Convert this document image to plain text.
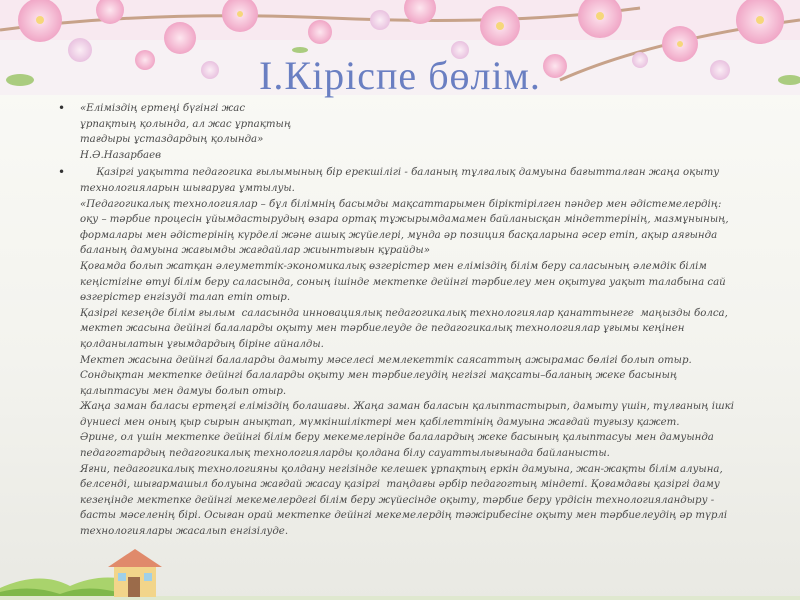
І.Кіріспе бөлім.
• «Еліміздің ертеңі бүгінгі жас
ұрпақтың қолында, ал жас ұрпақтың
тағдыры ұстаздардың қолында»
Н.Ә.Назарбаев

•	Қазіргі уақытта педагогика ғылымының бір ерекшілігі - баланың тұлғалық дамуына бағытталған жаңа оқыту
технологияларын шығаруға ұмтылуы.
«Педагогикалық технологиялар – бұл білімнің басымды мақсаттарымен біріктірілген пәндер мен әдістемелердің:
оқу – тәрбие процесін ұйымдастырудың өзара ортақ тұжырымдамамен байланысқан міндеттерінің, мазмұнының,
формалары мен әдістерінің күрделі және ашық жүйелері, мұнда әр позиция басқаларына әсер етіп, ақыр аяғында
баланың дамуына жағымды жағдайлар жиынтығын құрайды»
Қоғамда болып жатқан әлеуметтік-экономикалық өзгерістер мен еліміздің білім беру саласының әлемдік білім
кеңістігіне өтуі білім беру саласында, соның ішінде мектепке дейінгі тәрбиелеу мен оқытуға уақыт талабына сай
өзгерістер енгізуді талап етіп отыр.
Қазіргі кезеңде білім ғылым  саласында инновациялық педагогикалық технологиялар қанаттынеге  маңызды болса,
мектеп жасына дейінгі балаларды оқыту мен тәрбиелеуде де педагогикалық технологиялар ұғымы кеңінен
қолданылатын ұғымдардың біріне айналды.
Мектеп жасына дейінгі балаларды дамыту мәселесі мемлекеттік саясаттың ажырамас бөлігі болып отыр.
Сондықтан мектепке дейінгі балаларды оқыту мен тәрбиелеудің негізгі мақсаты–баланың жеке басының
қалыптасуы мен дамуы болып отыр.
Жаңа заман баласы ертеңгі еліміздің болашағы. Жаңа заман баласын қалыптастырып, дамыту үшін, тұлғаның ішкі
дүниесі мен оның қыр сырын анықтап, мүмкіншіліктері мен қабілеттінің дамуына жағдай туғызу қажет.
Әрине, ол үшін мектепке дейінгі білім беру мекемелерінде балалардың жеке басының қалыптасуы мен дамуында
педагогтардың педагогикалық технологияларды қолдана білу сауаттылығынада байланысты.
Яғни, педагогикалық технологияны қолдану негізінде келешек ұрпақтың еркін дамуына, жан-жақты білім алуына,
белсенді, шығармашыл болуына жағдай жасау қазіргі  таңдағы әрбір педагогтың міндеті. Қоғамдағы қазіргі даму
кезеңінде мектепке дейінгі мекемелердегі білім беру жүйесінде оқыту, тәрбие беру үрдісін технологияландыру -
басты мәселенің бірі. Осыған орай мектепке дейінгі мекемелердің тәжірибесіне оқыту мен тәрбиелеудің әр түрлі
технологиялары жасалып енгізілуде.
